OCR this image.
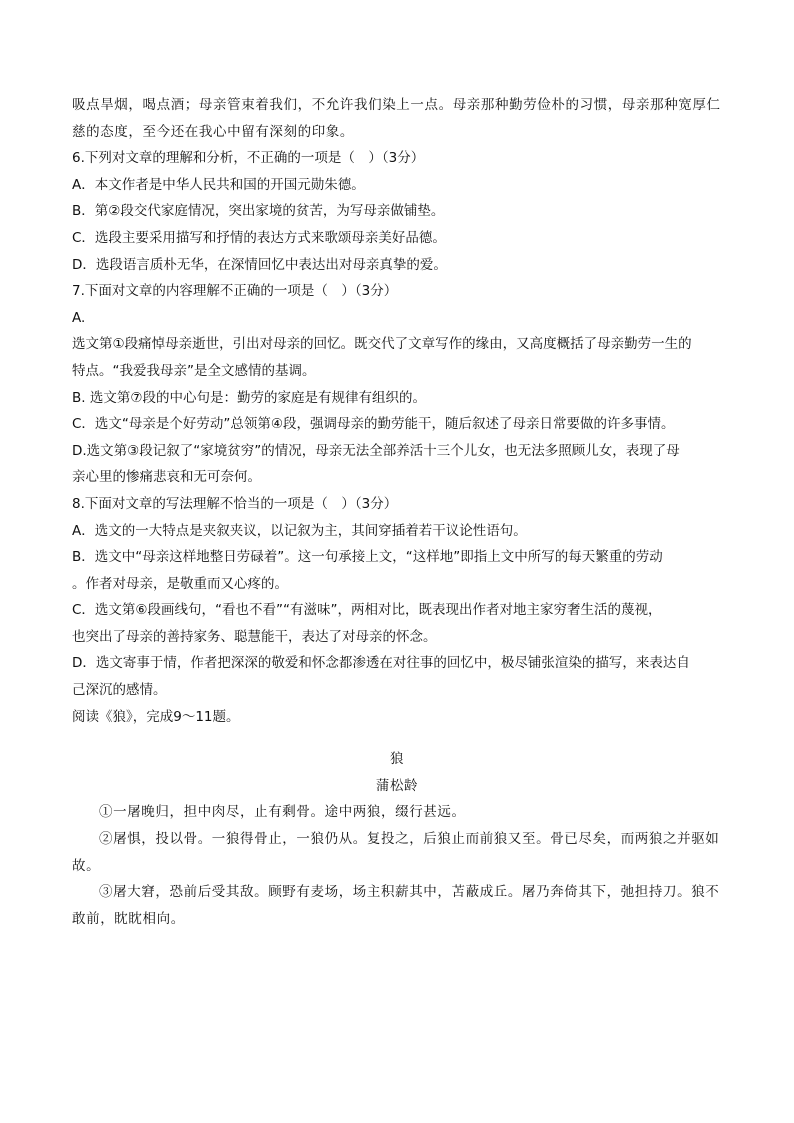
吸点旱烟，喝点酒；母亲管束着我们，不允许我们染上一点。母亲那种勤劳俭朴的习惯，母亲那种宽厚仁

慈的态度，至今还在我心中留有深刻的印象。

6.下列对文章的理解和分析，不正确的一项是（　）（3分）

A．本文作者是中华人民共和国的开国元勋朱德。

B．第②段交代家庭情况，突出家境的贫苦，为写母亲做铺垫。

C．选段主要采用描写和抒情的表达方式来歌颂母亲美好品德。

D．选段语言质朴无华，在深情回忆中表达出对母亲真挚的爱。

7.下面对文章的内容理解不正确的一项是（　）（3分）

A.

选文第①段痛悼母亲逝世，引出对母亲的回忆。既交代了文章写作的缘由，又高度概括了母亲勤劳一生的

特点。“我爱我母亲”是全文感情的基调。

B. 选文第⑦段的中心句是：勤劳的家庭是有规律有组织的。

C．选文“母亲是个好劳动”总领第④段，强调母亲的勤劳能干，随后叙述了母亲日常要做的许多事情。

D.选文第③段记叙了“家境贫穷”的情况，母亲无法全部养活十三个儿女，也无法多照顾儿女，表现了母

亲心里的惨痛悲哀和无可奈何。

8.下面对文章的写法理解不恰当的一项是（　）（3分）

A．选文的一大特点是夹叙夹议，以记叙为主，其间穿插着若干议论性语句。

B．选文中“母亲这样地整日劳碌着”。这一句承接上文，“这样地”即指上文中所写的每天繁重的劳动

。作者对母亲，是敬重而又心疼的。

C．选文第⑥段画线句，“看也不看”“有滋味”，两相对比，既表现出作者对地主家穷奢生活的蔑视，

也突出了母亲的善持家务、聪慧能干，表达了对母亲的怀念。

D．选文寄事于情，作者把深深的敬爱和怀念都渗透在对往事的回忆中，极尽铺张渲染的描写，来表达自

己深沉的感情。

阅读《狼》，完成9～11题。

狼

蒲松龄

①一屠晚归，担中肉尽，止有剩骨。途中两狼，缀行甚远。

②屠惧，投以骨。一狼得骨止，一狼仍从。复投之，后狼止而前狼又至。骨已尽矣，而两狼之并驱如

故。

③屠大窘，恐前后受其敌。顾野有麦场，场主积薪其中，苫蔽成丘。屠乃奔倚其下，弛担持刀。狼不

敢前，眈眈相向。
